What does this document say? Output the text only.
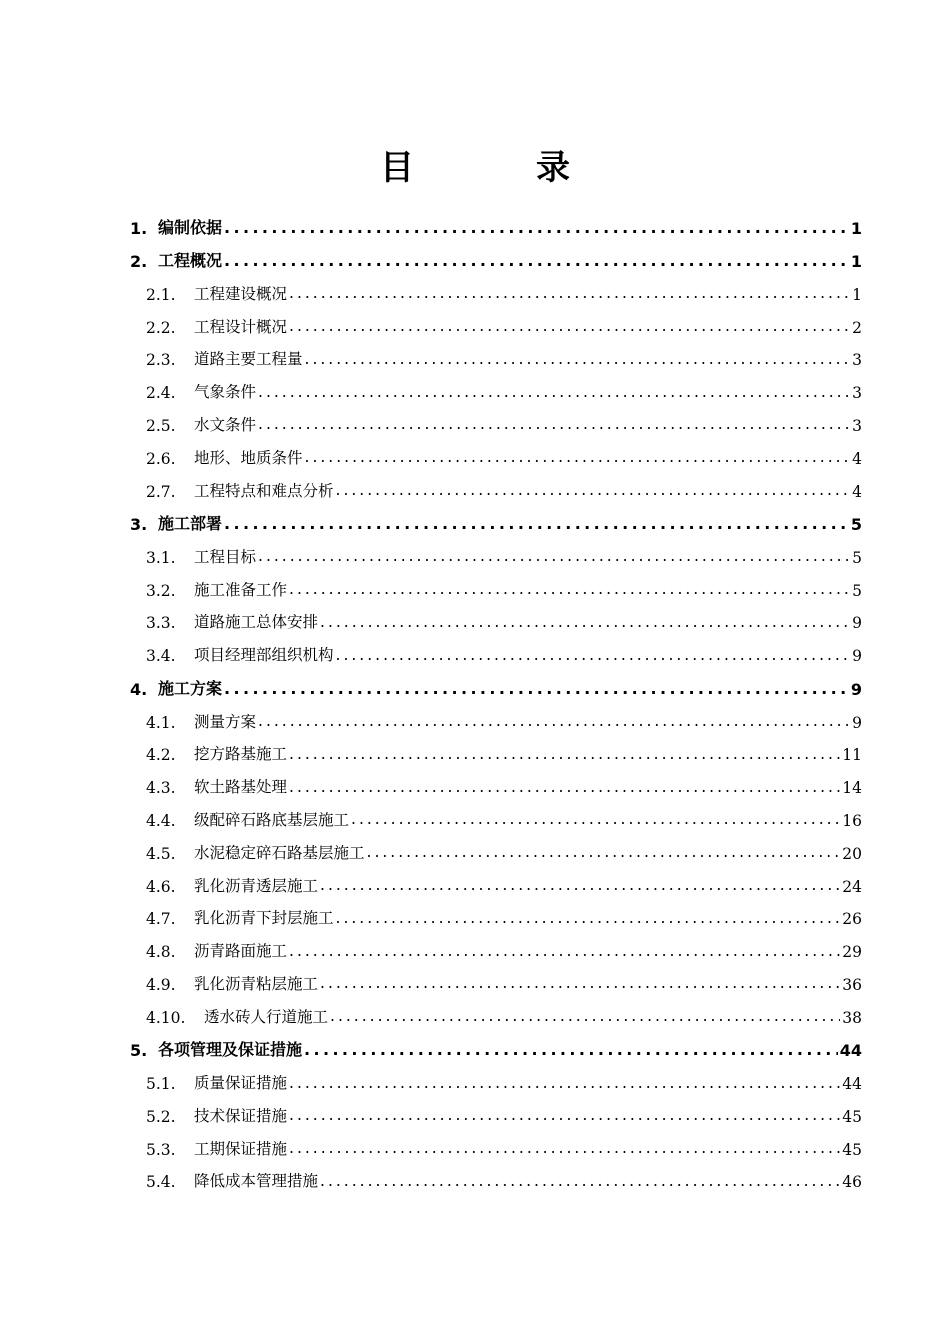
目　录
1. 编制依据 .....	1
2. 工程概况 .....	1
2.1.	工程建设概况 .....	1
2.2.	工程设计概况 .....	2
2.3.	道路主要工程量 .....	3
2.4.	气象条件 .....	3
2.5.	水文条件 .....	3
2.6.	地形、地质条件 .....	4
2.7.	工程特点和难点分析 .....	4
3. 施工部署 .....	5
3.1.	工程目标 .....	5
3.2.	施工准备工作 .....	5
3.3.	道路施工总体安排 .....	9
3.4.	项目经理部组织机构 .....	9
4. 施工方案 .....	9
4.1.	测量方案 .....	9
4.2.	挖方路基施工 .....	11
4.3.	软土路基处理 .....	14
4.4.	级配碎石路底基层施工 .....	16
4.5.	水泥稳定碎石路基层施工 .....	20
4.6.	乳化沥青透层施工 .....	24
4.7.	乳化沥青下封层施工 .....	26
4.8.	沥青路面施工 .....	29
4.9.	乳化沥青粘层施工 .....	36
4.10.	透水砖人行道施工 .....	38
5. 各项管理及保证措施 .....	44
5.1.	质量保证措施 .....	44
5.2.	技术保证措施 .....	45
5.3.	工期保证措施 .....	45
5.4.	降低成本管理措施 .....	46
